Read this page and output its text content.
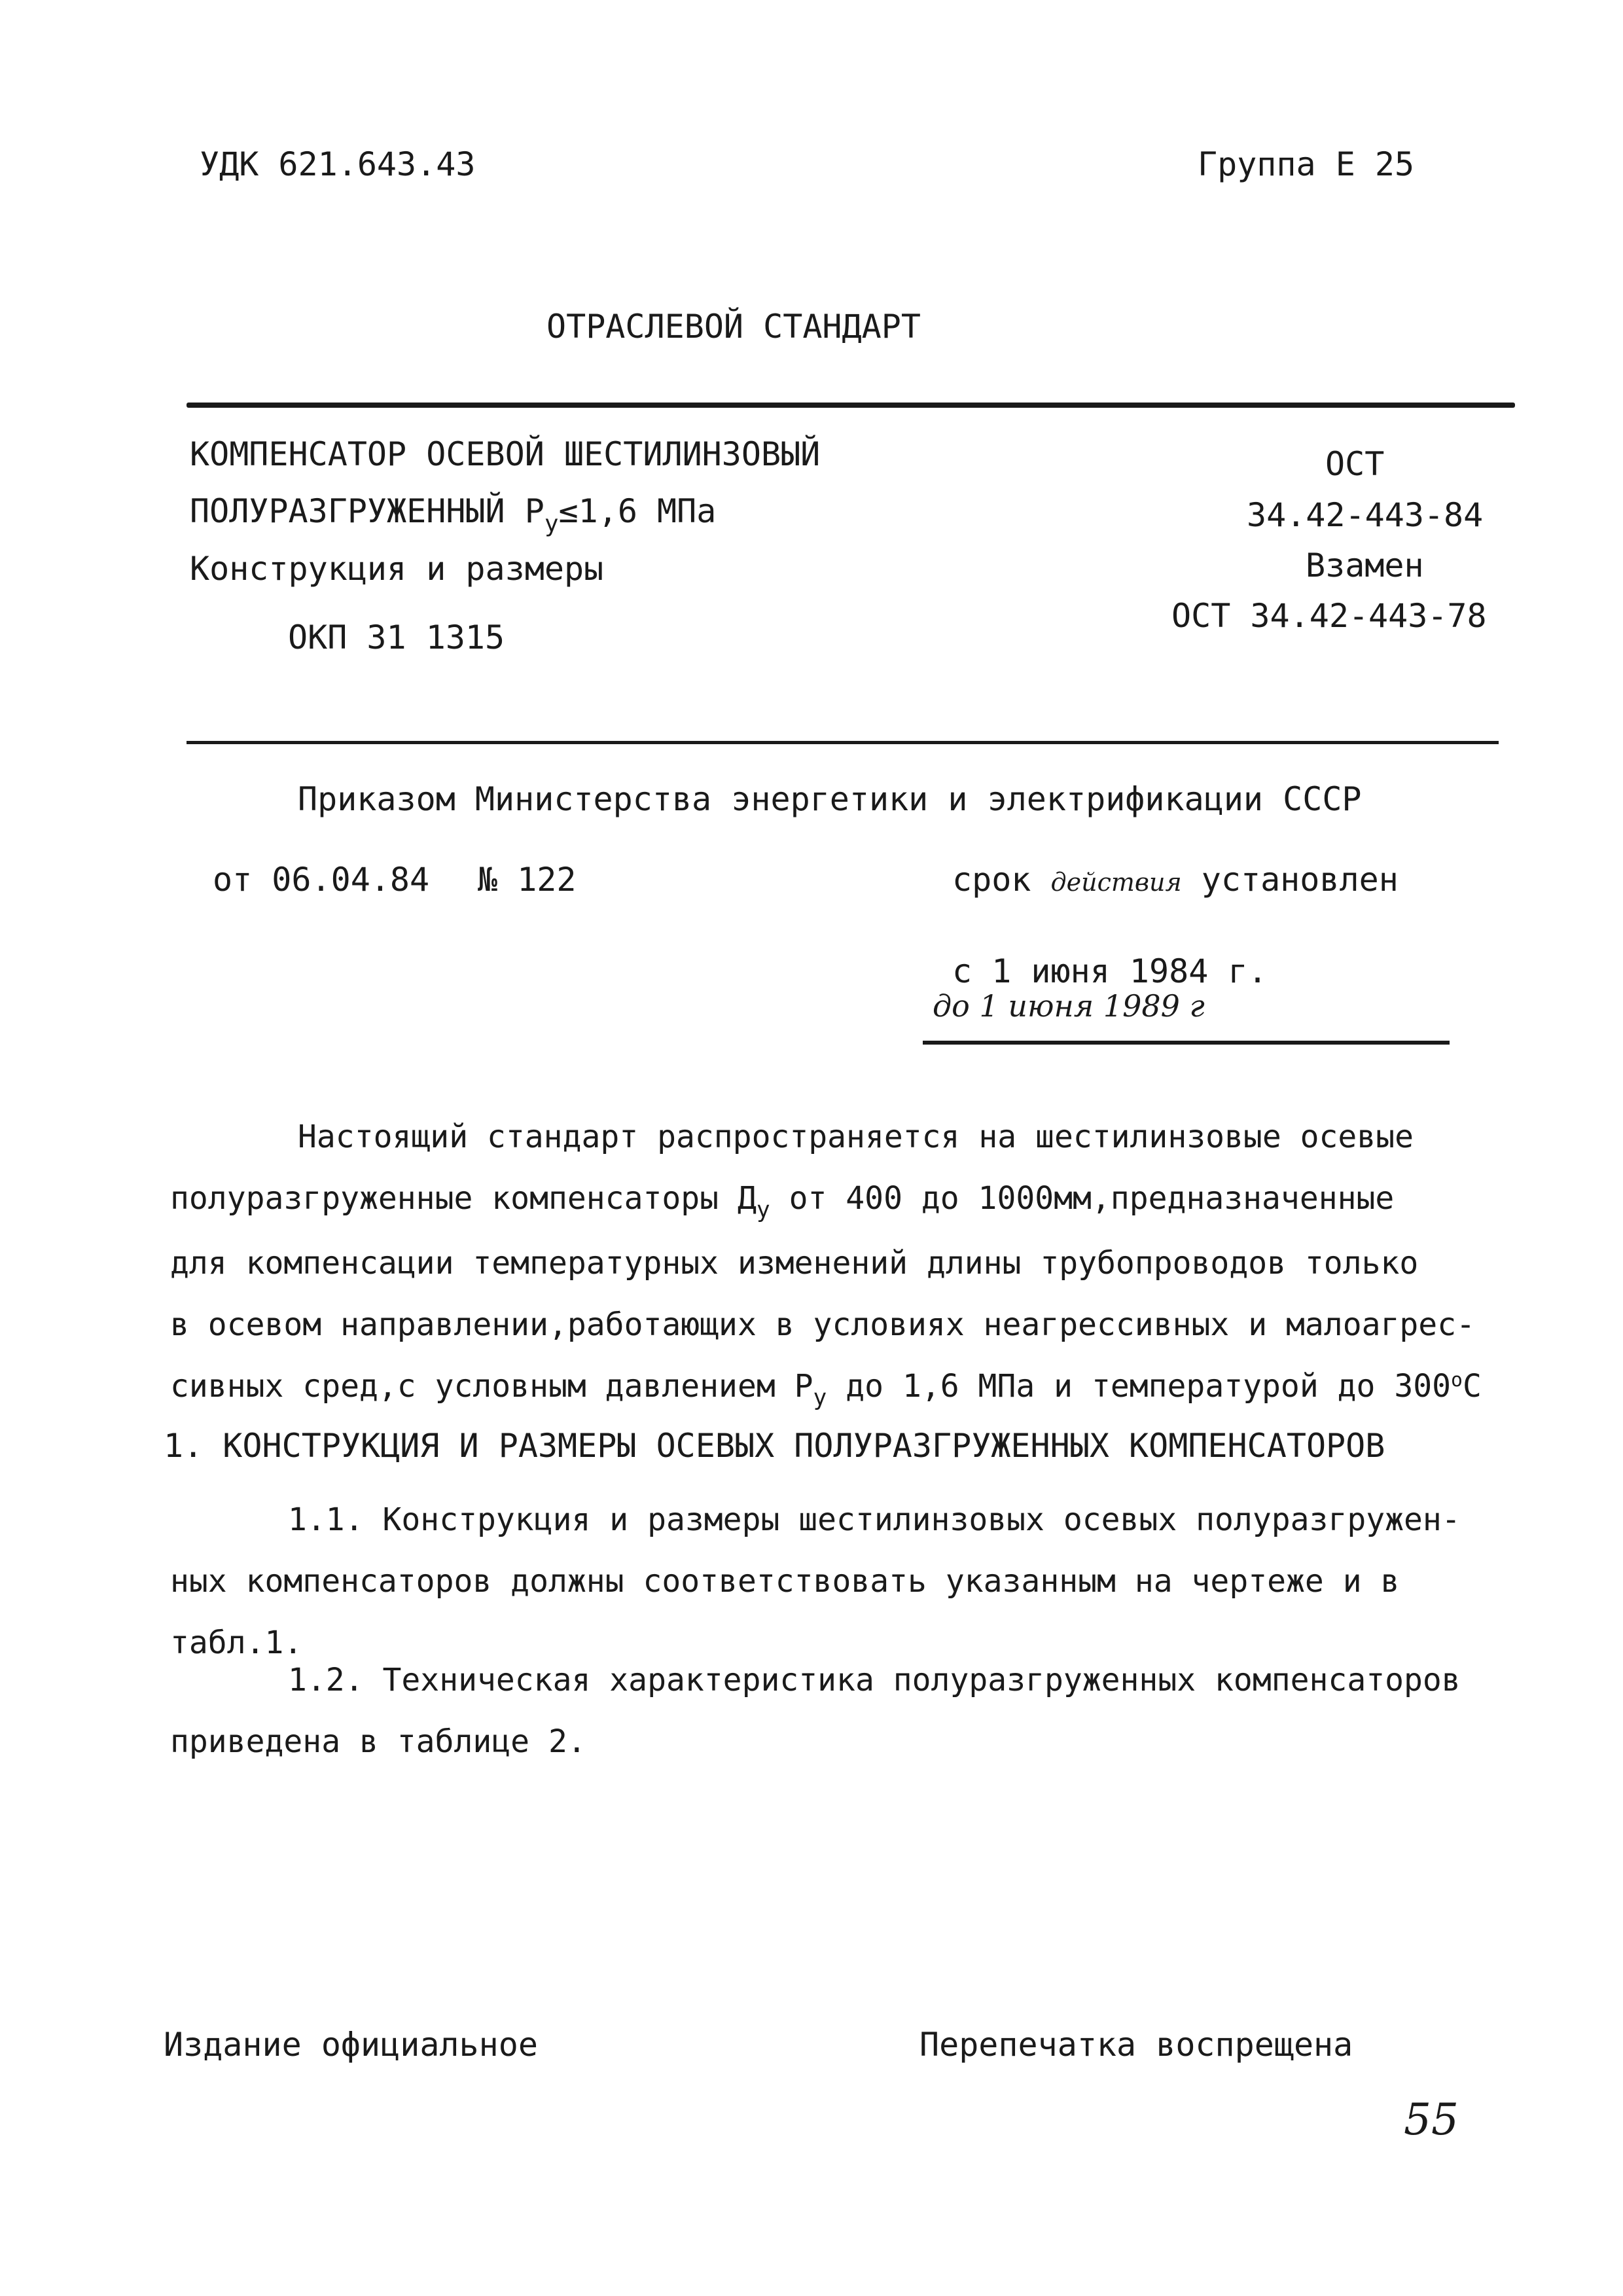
УДК 621.643.43	Группа Е 25
ОТРАСЛЕВОЙ СТАНДАРТ
КОМПЕНСАТОР ОСЕВОЙ ШЕСТИЛИНЗОВЫЙ
ПОЛУРАЗГРУЖЕННЫЙ $Р_у\le 1,6$ МПа
Конструкция и размеры
ОКП 31 1315
ОСТ
34.42-443-84
Взамен
ОСТ 34.42-443-78
Приказом Министерства энергетики и электрификации СССР
от 06.04.84 № 122	срок действия установлен
с 1 июня 1984 г.
до 1 июня 1989 г

Настоящий стандарт распространяется на шестилинзовые осевые

полуразгруженные компенсаторы $Д_у$ от 400 до 1000мм,предназначенные

для компенсации температурных изменений длины трубопроводов только

в осевом направлении,работающих в условиях неагрессивных и малоагрес-

сивных сред,с условным давлением $Р_у$ до 1,6 МПа и температурой до $300^оС$

1. КОНСТРУКЦИЯ И РАЗМЕРЫ ОСЕВЫХ ПОЛУРАЗГРУЖЕННЫХ КОМПЕНСАТОРОВ

1.1. Конструкция и размеры шестилинзовых осевых полуразгружен-

ных компенсаторов должны соответствовать указанным на чертеже и в

табл.1.

1.2. Техническая характеристика полуразгруженных компенсаторов

приведена в таблице 2.

Издание официальное	Перепечатка воспрещена
55
